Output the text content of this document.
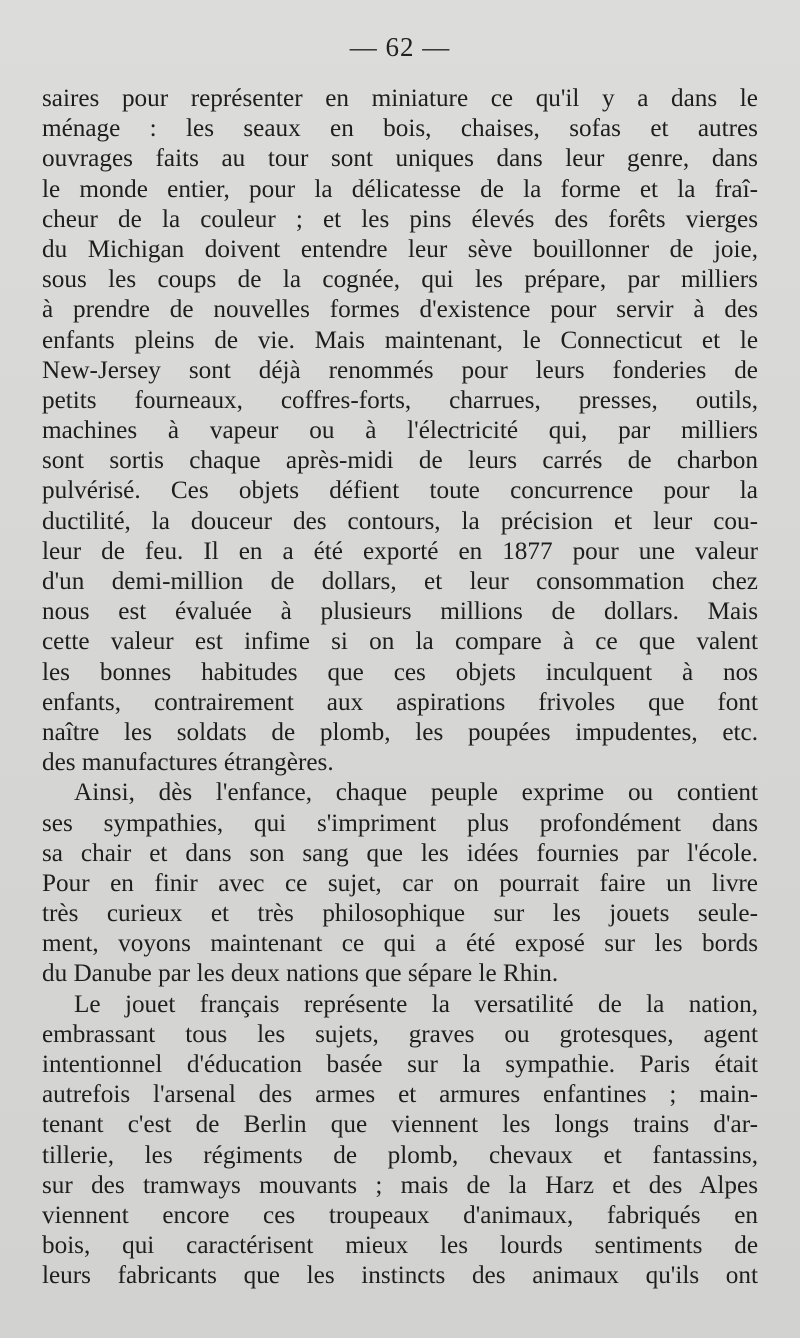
— 62 —
saires pour représenter en miniature ce qu'il y a dans le
ménage : les seaux en bois, chaises, sofas et autres
ouvrages faits au tour sont uniques dans leur genre, dans
le monde entier, pour la délicatesse de la forme et la fraî-
cheur de la couleur ; et les pins élevés des forêts vierges
du Michigan doivent entendre leur sève bouillonner de joie,
sous les coups de la cognée, qui les prépare, par milliers
à prendre de nouvelles formes d'existence pour servir à des
enfants pleins de vie. Mais maintenant, le Connecticut et le
New-Jersey sont déjà renommés pour leurs fonderies de
petits fourneaux, coffres-forts, charrues, presses, outils,
machines à vapeur ou à l'électricité qui, par milliers
sont sortis chaque après-midi de leurs carrés de charbon
pulvérisé. Ces objets défient toute concurrence pour la
ductilité, la douceur des contours, la précision et leur cou-
leur de feu. Il en a été exporté en 1877 pour une valeur
d'un demi-million de dollars, et leur consommation chez
nous est évaluée à plusieurs millions de dollars. Mais
cette valeur est infime si on la compare à ce que valent
les bonnes habitudes que ces objets inculquent à nos
enfants, contrairement aux aspirations frivoles que font
naître les soldats de plomb, les poupées impudentes, etc.
des manufactures étrangères.
Ainsi, dès l'enfance, chaque peuple exprime ou contient
ses sympathies, qui s'impriment plus profondément dans
sa chair et dans son sang que les idées fournies par l'école.
Pour en finir avec ce sujet, car on pourrait faire un livre
très curieux et très philosophique sur les jouets seule-
ment, voyons maintenant ce qui a été exposé sur les bords
du Danube par les deux nations que sépare le Rhin.
Le jouet français représente la versatilité de la nation,
embrassant tous les sujets, graves ou grotesques, agent
intentionnel d'éducation basée sur la sympathie. Paris était
autrefois l'arsenal des armes et armures enfantines ; main-
tenant c'est de Berlin que viennent les longs trains d'ar-
tillerie, les régiments de plomb, chevaux et fantassins,
sur des tramways mouvants ; mais de la Harz et des Alpes
viennent encore ces troupeaux d'animaux, fabriqués en
bois, qui caractérisent mieux les lourds sentiments de
leurs fabricants que les instincts des animaux qu'ils ont
